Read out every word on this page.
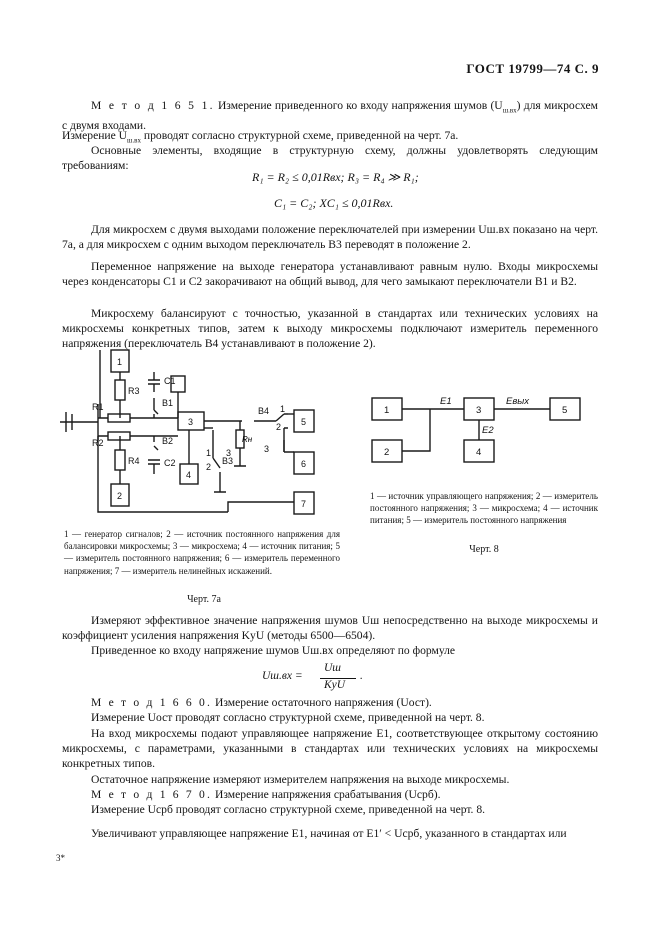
ГОСТ 19799—74 С. 9
М е т о д 1 6 5 1. Измерение приведенного ко входу напряжения шумов $(U_{ш.вх})$ для микросхем с двумя входами.
Измерение $U_{ш.вх}$ проводят согласно структурной схеме, приведенной на черт. 7а.
Основные элементы, входящие в структурную схему, должны удовлетворять следующим требованиям:
R₁ = R₂ ≤ 0,01Rвх; R₃ = R₄ ≫ R₁;
C₁ = C₂; XC₁ ≤ 0,01Rвх.
Для микросхем с двумя выходами положение переключателей при измерении Uш.вх показано на черт. 7а, а для микросхем с одним выходом переключатель В3 переводят в положение 2.
Переменное напряжение на выходе генератора устанавливают равным нулю. Входы микросхемы через конденсаторы С1 и С2 закорачивают на общий вывод, для чего замыкают переключатели В1 и В2.
Микросхему балансируют с точностью, указанной в стандартах или технических условиях на микросхемы конкретных типов, затем к выходу микросхемы подключают измеритель переменного напряжения (переключатель В4 устанавливают в положение 2).
1
2
3
4
5
6
7
R1
R2
R3
R4
C1
C2
B1
B2
B3
B4 1
2
3
1
2
3
Rн
1 — генератор сигналов; 2 — источник постоянного напряжения для балансировки микросхемы; 3 — микросхема; 4 — источник питания; 5 — измеритель постоянного напряжения; 6 — измеритель переменного напряжения; 7 — измеритель нелинейных искажений.
Черт. 7а
1
2
3
4
5
E1	Eвых
E2
1 — источник управляющего напряжения; 2 — измеритель постоянного напряжения; 3 — микросхема; 4 — источник питания; 5 — измеритель постоянного напряжения
Черт. 8
Измеряют эффективное значение напряжения шумов Uш непосредственно на выходе микросхемы и коэффициент усиления напряжения KyU (методы 6500—6504).
Приведенное ко входу напряжение шумов Uш.вх определяют по формуле
Uш.вх =
Uш
KyU
.
М е т о д 1 6 6 0. Измерение остаточного напряжения (Uост).
Измерение Uост проводят согласно структурной схеме, приведенной на черт. 8.
На вход микросхемы подают управляющее напряжение E1, соответствующее открытому состоянию микросхемы, с параметрами, указанными в стандартах или технических условиях на микросхемы конкретных типов.
Остаточное напряжение измеряют измерителем напряжения на выходе микросхемы.
М е т о д 1 6 7 0. Измерение напряжения срабатывания (Uсрб).
Измерение Uсрб проводят согласно структурной схеме, приведенной на черт. 8.
Увеличивают управляющее напряжение E1, начиная от E1′ < Uсрб, указанного в стандартах или
3*
